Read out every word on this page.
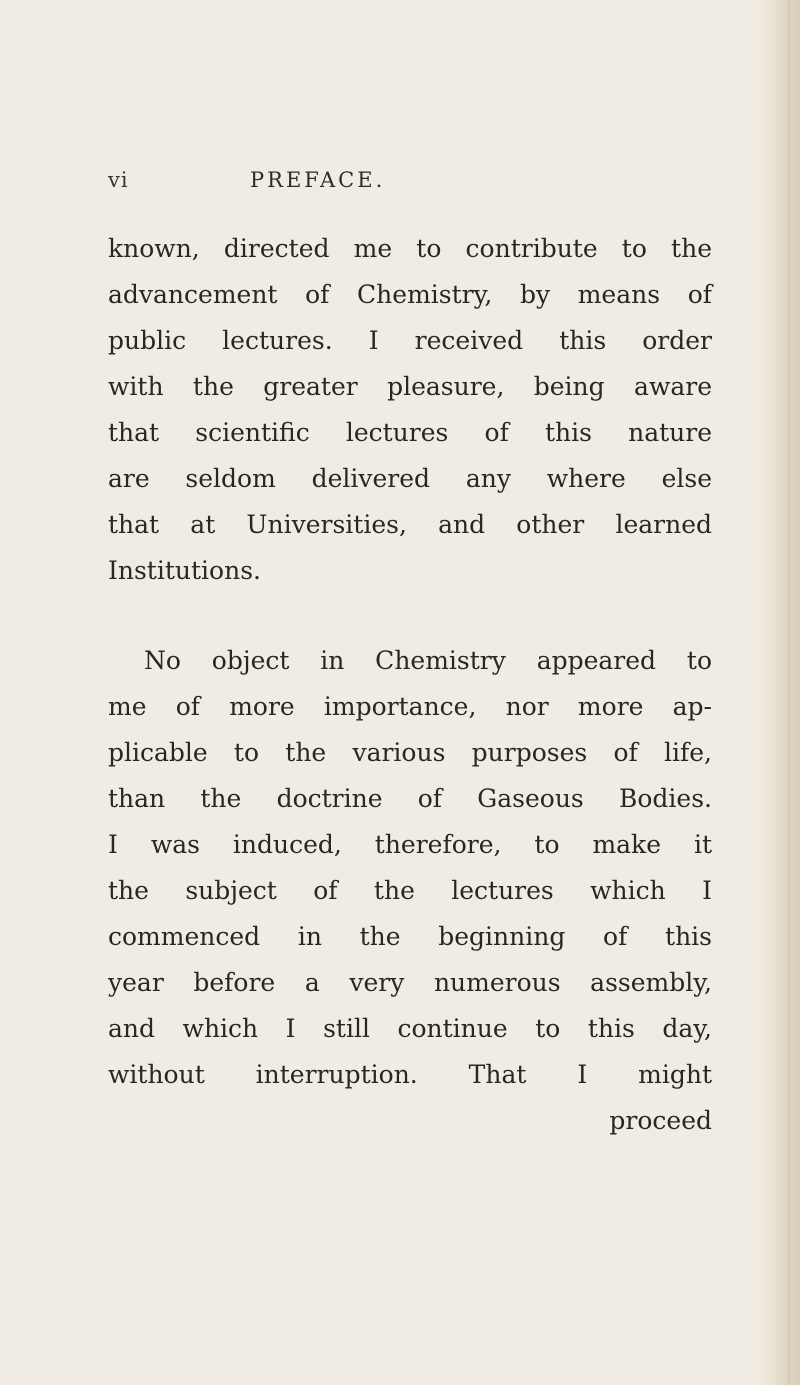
vi	PREFACE.
known, directed me to contribute to the
advancement of Chemistry, by means of
public lectures. I received this order
with the greater pleasure, being aware
that scientific lectures of this nature
are seldom delivered any where else
that at Universities, and other learned
Institutions.
No object in Chemistry appeared to
me of more importance, nor more ap-
plicable to the various purposes of life,
than the doctrine of Gaseous Bodies.
I was induced, therefore, to make it
the subject of the lectures which I
commenced in the beginning of this
year before a very numerous assembly,
and which I still continue to this day,
without interruption. That I might
proceed
